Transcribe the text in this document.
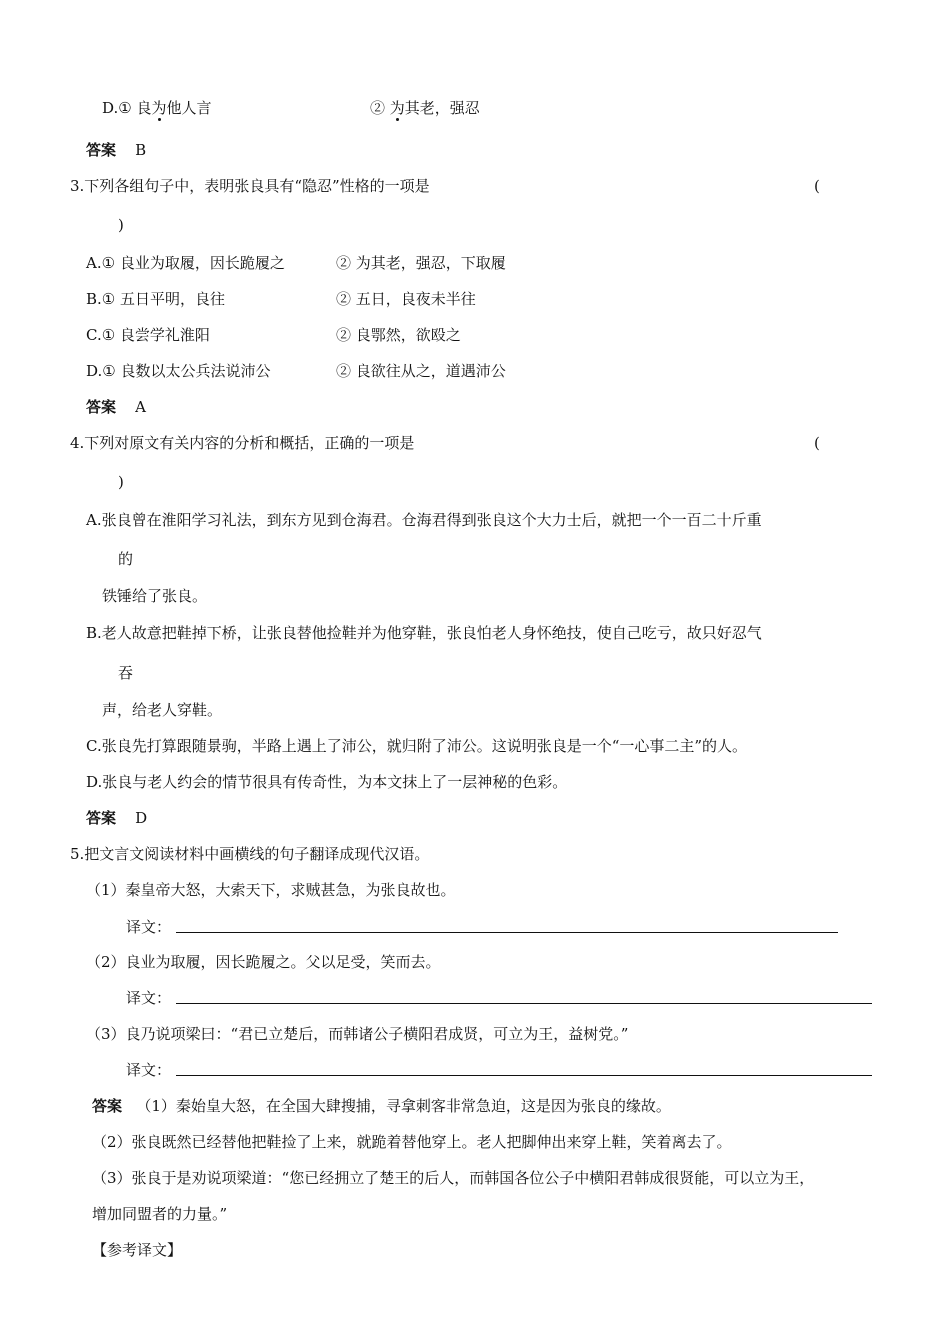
D.① 良为他人言	② 为其老，强忍
答案 B
3.下列各组句子中，表明张良具有“隐忍”性格的一项是	(
)
A.① 良业为取履，因长跪履之	② 为其老，强忍，下取履
B.① 五日平明，良往	② 五日，良夜未半往
C.① 良尝学礼淮阳	② 良鄂然，欲殴之
D.① 良数以太公兵法说沛公	② 良欲往从之，道遇沛公
答案 A
4.下列对原文有关内容的分析和概括，正确的一项是	(
)
A.张良曾在淮阳学习礼法，到东方见到仓海君。仓海君得到张良这个大力士后，就把一个一百二十斤重
的
铁锤给了张良。
B.老人故意把鞋掉下桥，让张良替他捡鞋并为他穿鞋，张良怕老人身怀绝技，使自己吃亏，故只好忍气
吞
声，给老人穿鞋。
C.张良先打算跟随景驹，半路上遇上了沛公，就归附了沛公。这说明张良是一个“一心事二主”的人。
D.张良与老人约会的情节很具有传奇性，为本文抹上了一层神秘的色彩。
答案 D
5.把文言文阅读材料中画横线的句子翻译成现代汉语。
（1）秦皇帝大怒，大索天下，求贼甚急，为张良故也。
译文：
（2）良业为取履，因长跪履之。父以足受，笑而去。
译文：
（3）良乃说项梁曰：“君已立楚后，而韩诸公子横阳君成贤，可立为王，益树党。”
译文：
答案 （1）秦始皇大怒，在全国大肆搜捕，寻拿刺客非常急迫，这是因为张良的缘故。
（2）张良既然已经替他把鞋捡了上来，就跪着替他穿上。老人把脚伸出来穿上鞋，笑着离去了。
（3）张良于是劝说项梁道：“您已经拥立了楚王的后人，而韩国各位公子中横阳君韩成很贤能，可以立为王，
增加同盟者的力量。”
【参考译文】
